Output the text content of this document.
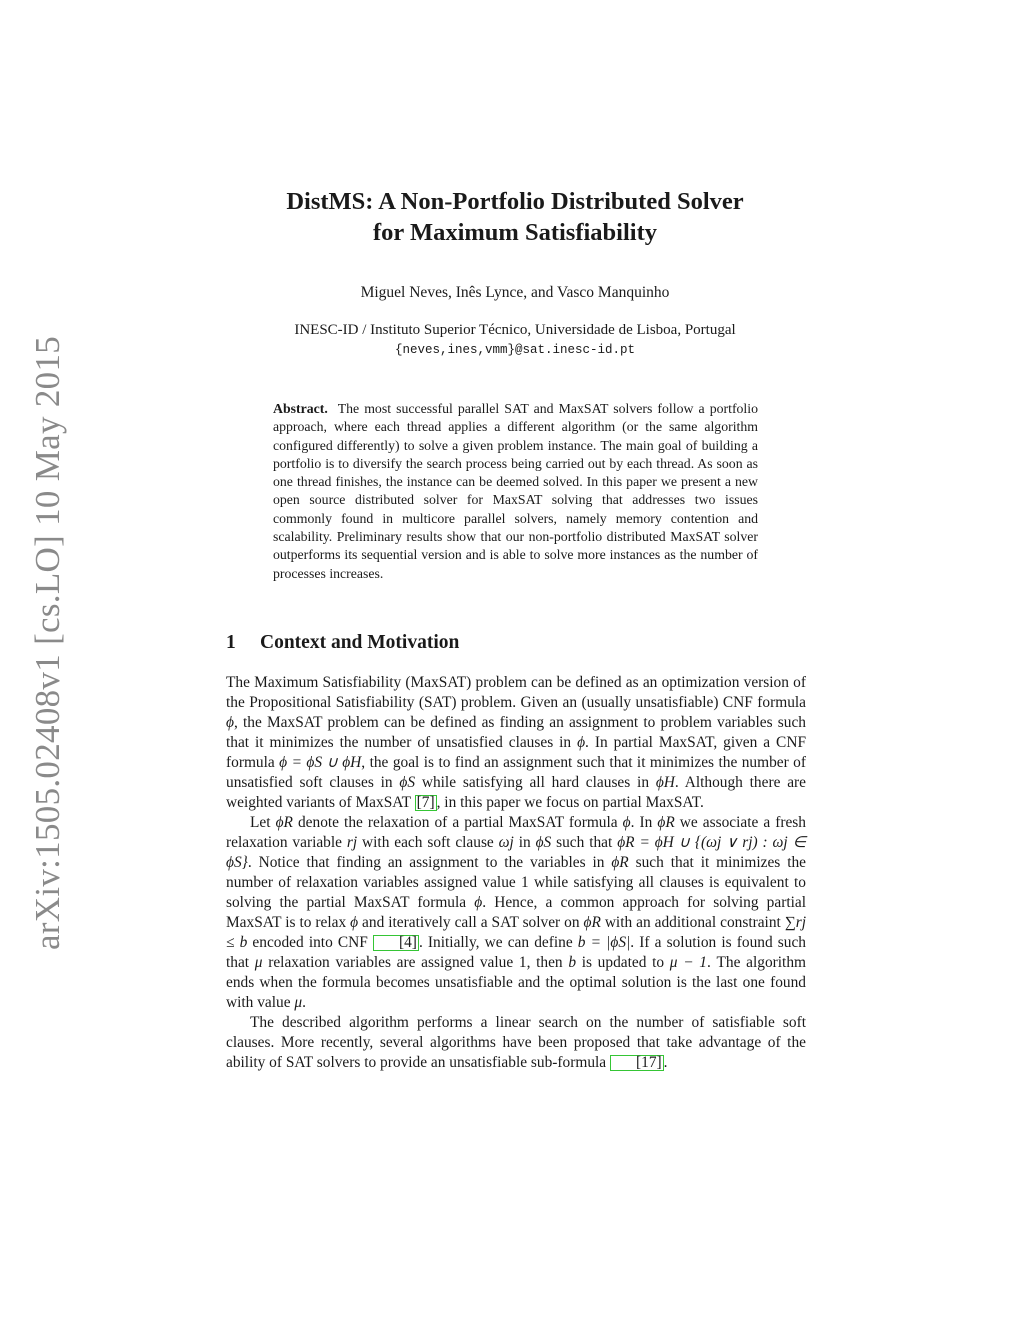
arXiv:1505.02408v1 [cs.LO] 10 May 2015
DistMS: A Non-Portfolio Distributed Solver
for Maximum Satisfiability
Miguel Neves, Inês Lynce, and Vasco Manquinho
INESC-ID / Instituto Superior Técnico, Universidade de Lisboa, Portugal
{neves,ines,vmm}@sat.inesc-id.pt

Abstract. The most successful parallel SAT and MaxSAT solvers follow a portfolio approach, where each thread applies a different algorithm (or the same algorithm configured differently) to solve a given problem instance. The main goal of building a portfolio is to diversify the search process being carried out by each thread. As soon as one thread finishes, the instance can be deemed solved. In this paper we present a new open source distributed solver for MaxSAT solving that addresses two issues commonly found in multicore parallel solvers, namely memory contention and scalability. Preliminary results show that our non-portfolio distributed MaxSAT solver outperforms its sequential version and is able to solve more instances as the number of processes increases.

1 Context and Motivation

The Maximum Satisfiability (MaxSAT) problem can be defined as an optimization version of the Propositional Satisfiability (SAT) problem. Given an (usually unsatisfiable) CNF formula ϕ, the MaxSAT problem can be defined as finding an assignment to problem variables such that it minimizes the number of unsatisfied clauses in ϕ. In partial MaxSAT, given a CNF formula ϕ = ϕS ∪ ϕH, the goal is to find an assignment such that it minimizes the number of unsatisfied soft clauses in ϕS while satisfying all hard clauses in ϕH. Although there are weighted variants of MaxSAT [7] , in this paper we focus on partial MaxSAT.

Let ϕR denote the relaxation of a partial MaxSAT formula ϕ. In ϕR we associate a fresh relaxation variable rj with each soft clause ωj in ϕS such that ϕR = ϕH ∪ {(ωj ∨ rj) : ωj ∈ ϕS}. Notice that finding an assignment to the variables in ϕR such that it minimizes the number of relaxation variables assigned value 1 while satisfying all clauses is equivalent to solving the partial MaxSAT formula ϕ. Hence, a common approach for solving partial MaxSAT is to relax ϕ and iteratively call a SAT solver on ϕR with an additional constraint ∑rj ≤ b encoded into CNF [4] . Initially, we can define b = |ϕS|. If a solution is found such that μ relaxation variables are assigned value 1, then b is updated to μ − 1. The algorithm ends when the formula becomes unsatisfiable and the optimal solution is the last one found with value μ.

The described algorithm performs a linear search on the number of satisfiable soft clauses. More recently, several algorithms have been proposed that take advantage of the ability of SAT solvers to provide an unsatisfiable sub-formula [17] .
